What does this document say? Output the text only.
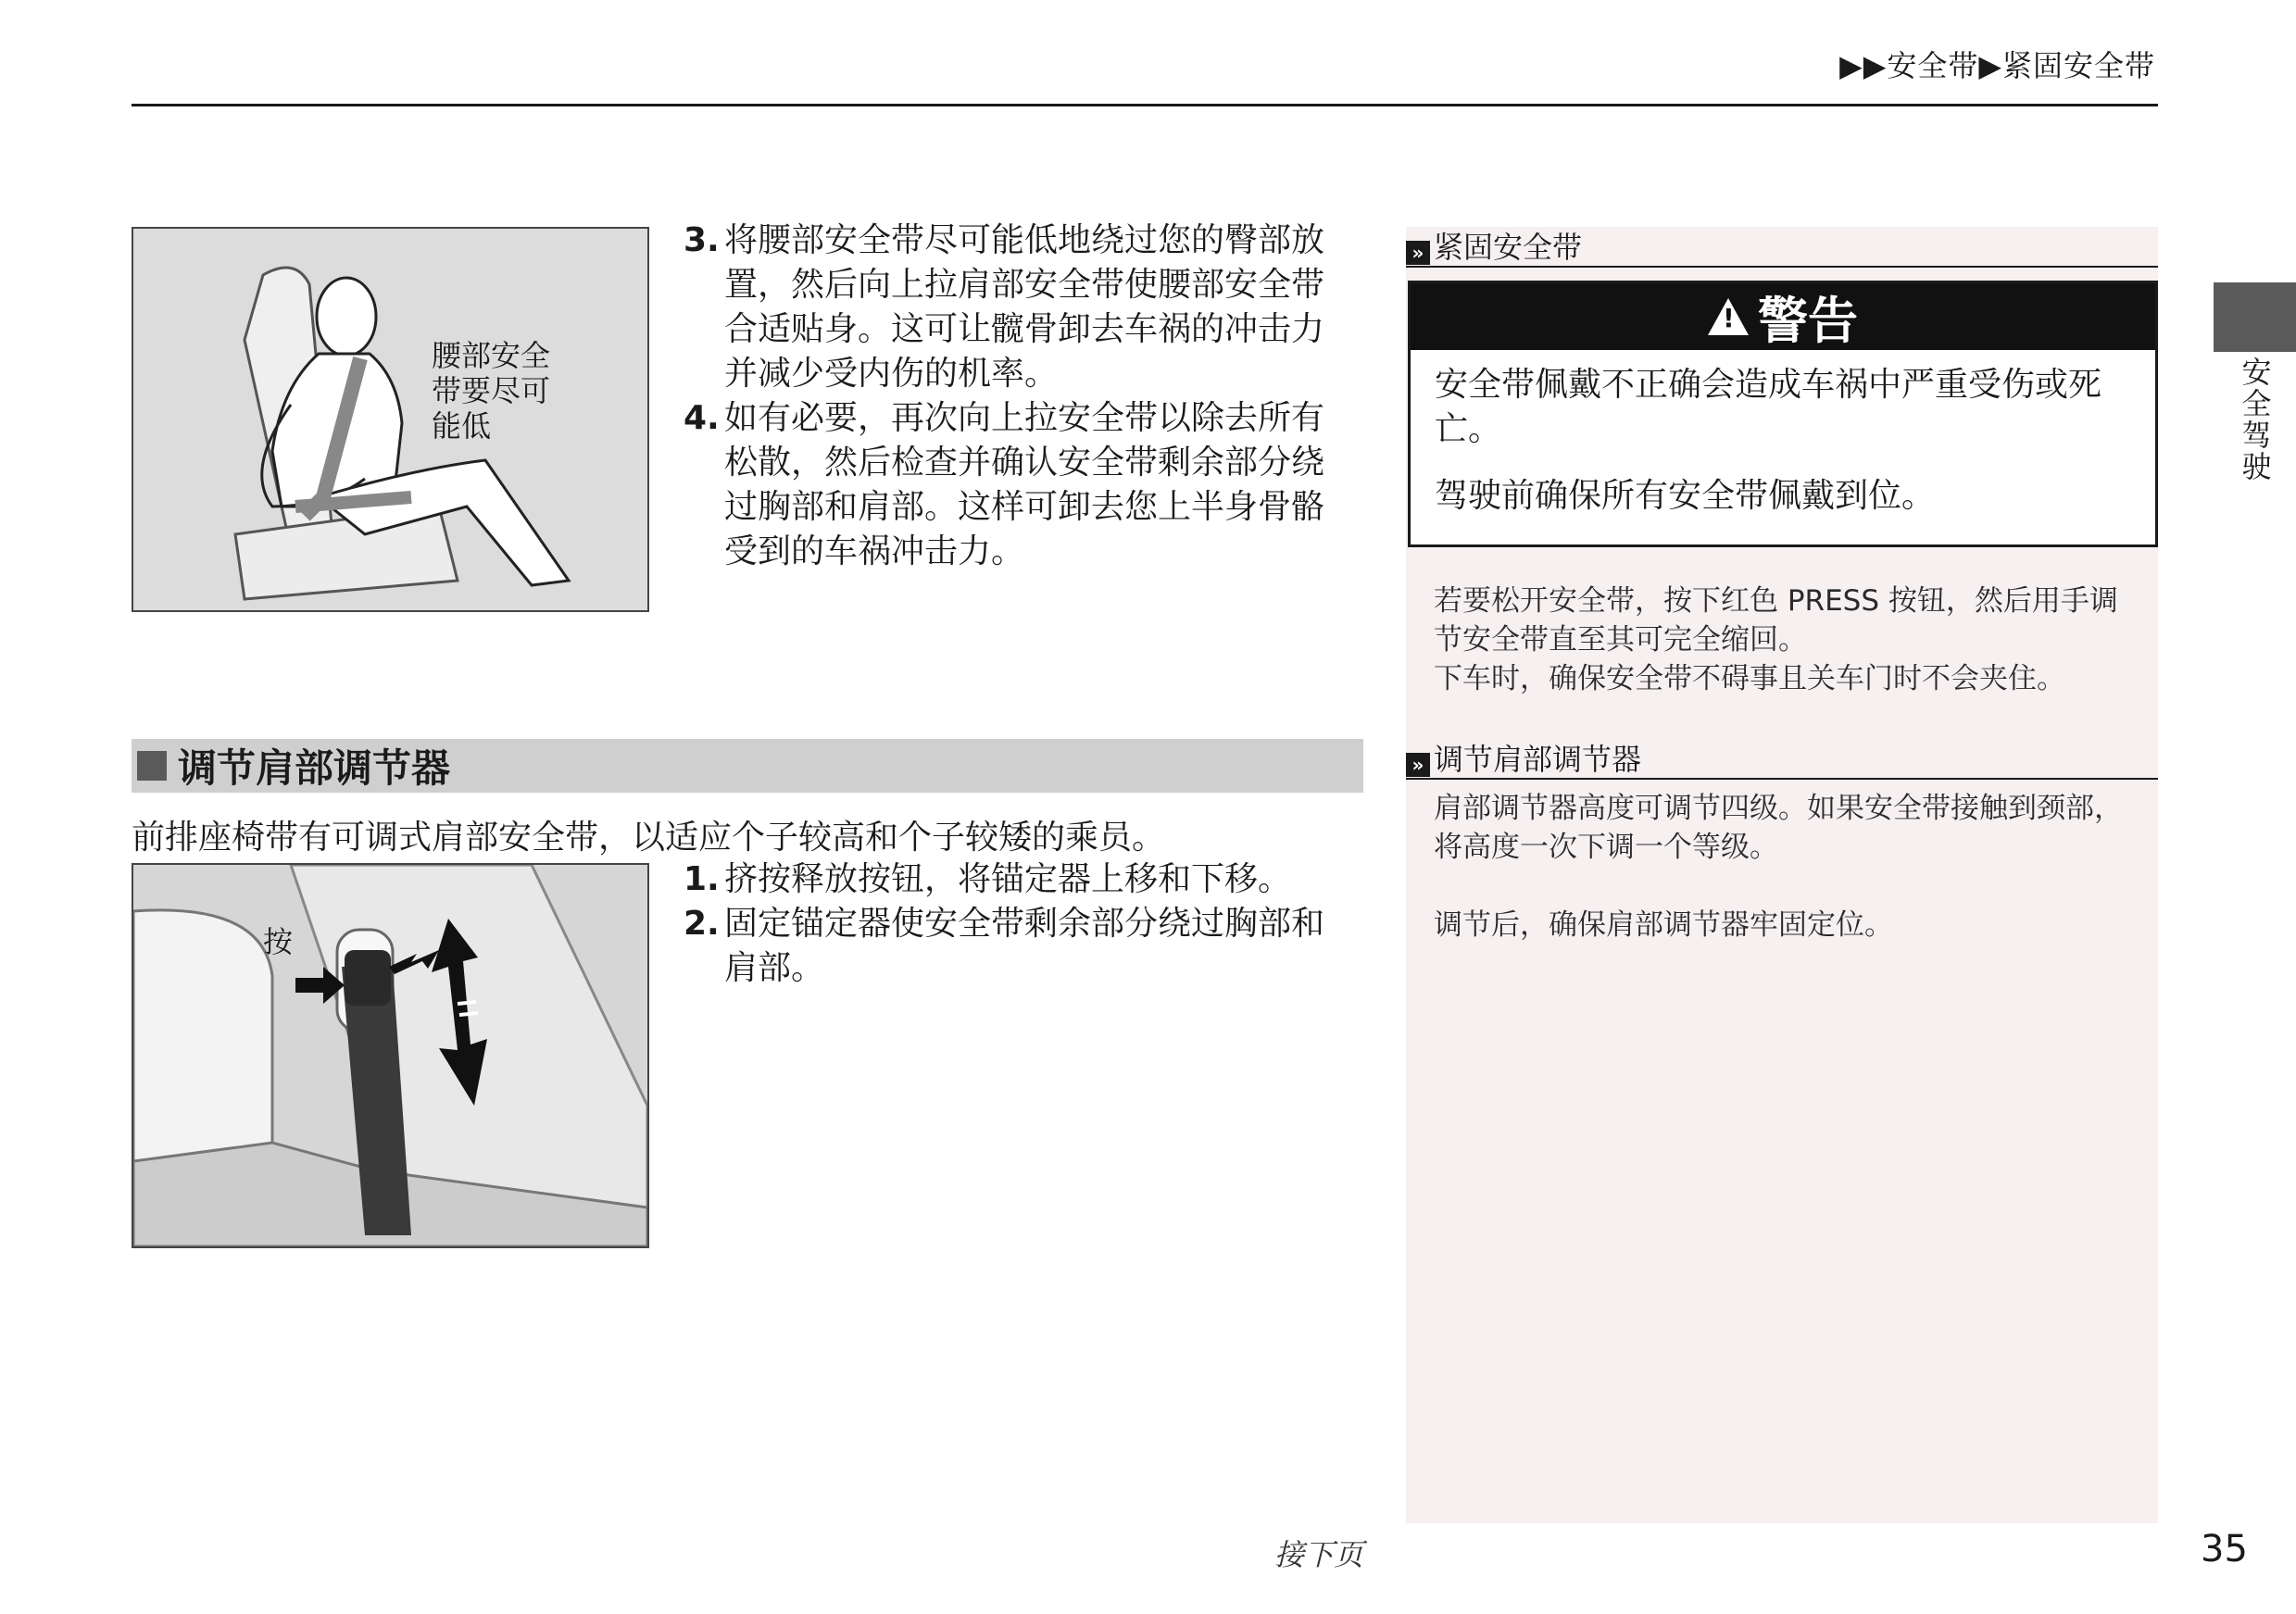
▶▶安全带▶紧固安全带
安全驾驶
腰部安全
带要尽可
能低

3. 将腰部安全带尽可能低地绕过您的臀部放置，然后向上拉肩部安全带使腰部安全带合适贴身。这可让髋骨卸去车祸的冲击力并减少受内伤的机率。

4. 如有必要，再次向上拉安全带以除去所有松散，然后检查并确认安全带剩余部分绕过胸部和肩部。这样可卸去您上半身骨骼受到的车祸冲击力。

调节肩部调节器
前排座椅带有可调式肩部安全带，以适应个子较高和个子较矮的乘员。
按

1. 挤按释放按钮，将锚定器上移和下移。

2. 固定锚定器使安全带剩余部分绕过胸部和肩部。

» 紧固安全带
!
警告

安全带佩戴不正确会造成车祸中严重受伤或死亡。

驾驶前确保所有安全带佩戴到位。

若要松开安全带，按下红色 PRESS 按钮，然后用手调节安全带直至其可完全缩回。

下车时，确保安全带不碍事且关车门时不会夹住。

» 调节肩部调节器

肩部调节器高度可调节四级。如果安全带接触到颈部，将高度一次下调一个等级。

调节后，确保肩部调节器牢固定位。

接下页	35
